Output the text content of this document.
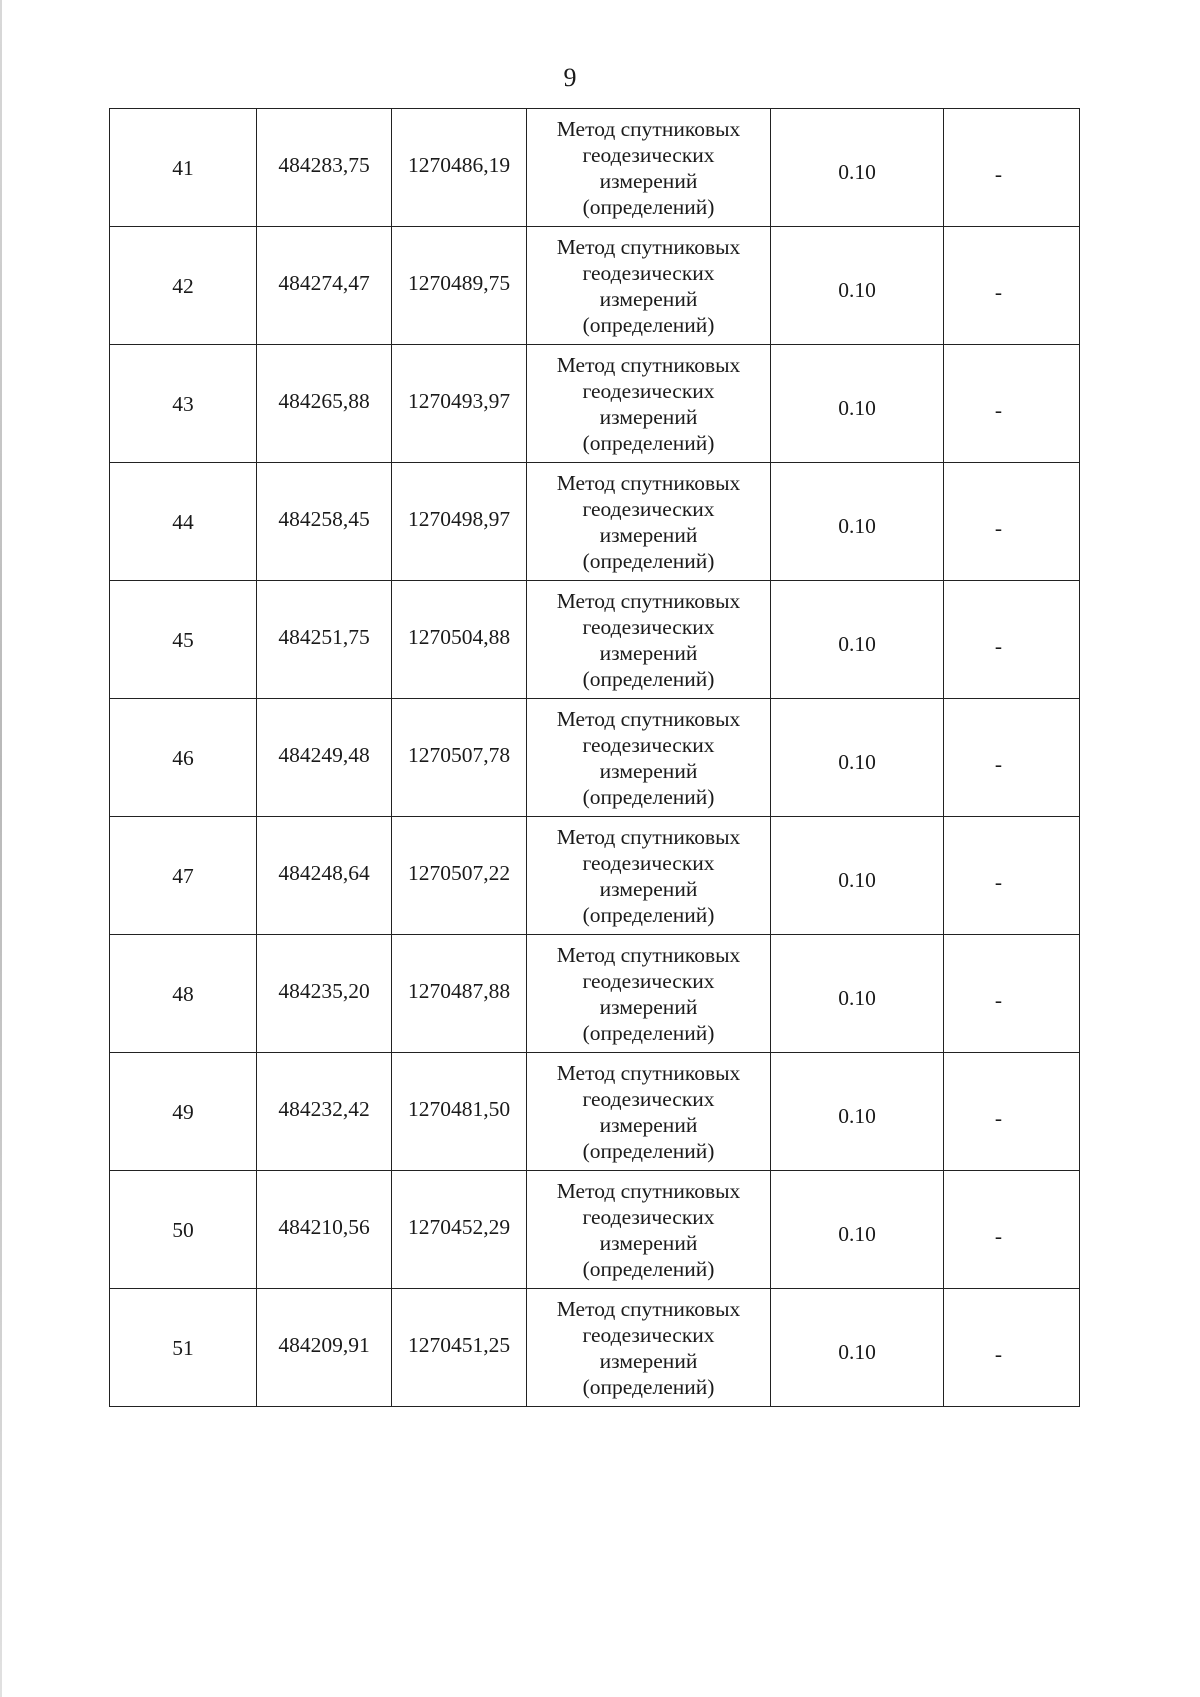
9
41	484283,75	1270486,19	Метод спутниковых
геодезических
измерений
(определений)	0.10	-
42	484274,47	1270489,75	Метод спутниковых
геодезических
измерений
(определений)	0.10	-
43	484265,88	1270493,97	Метод спутниковых
геодезических
измерений
(определений)	0.10	-
44	484258,45	1270498,97	Метод спутниковых
геодезических
измерений
(определений)	0.10	-
45	484251,75	1270504,88	Метод спутниковых
геодезических
измерений
(определений)	0.10	-
46	484249,48	1270507,78	Метод спутниковых
геодезических
измерений
(определений)	0.10	-
47	484248,64	1270507,22	Метод спутниковых
геодезических
измерений
(определений)	0.10	-
48	484235,20	1270487,88	Метод спутниковых
геодезических
измерений
(определений)	0.10	-
49	484232,42	1270481,50	Метод спутниковых
геодезических
измерений
(определений)	0.10	-
50	484210,56	1270452,29	Метод спутниковых
геодезических
измерений
(определений)	0.10	-
51	484209,91	1270451,25	Метод спутниковых
геодезических
измерений
(определений)	0.10	-
